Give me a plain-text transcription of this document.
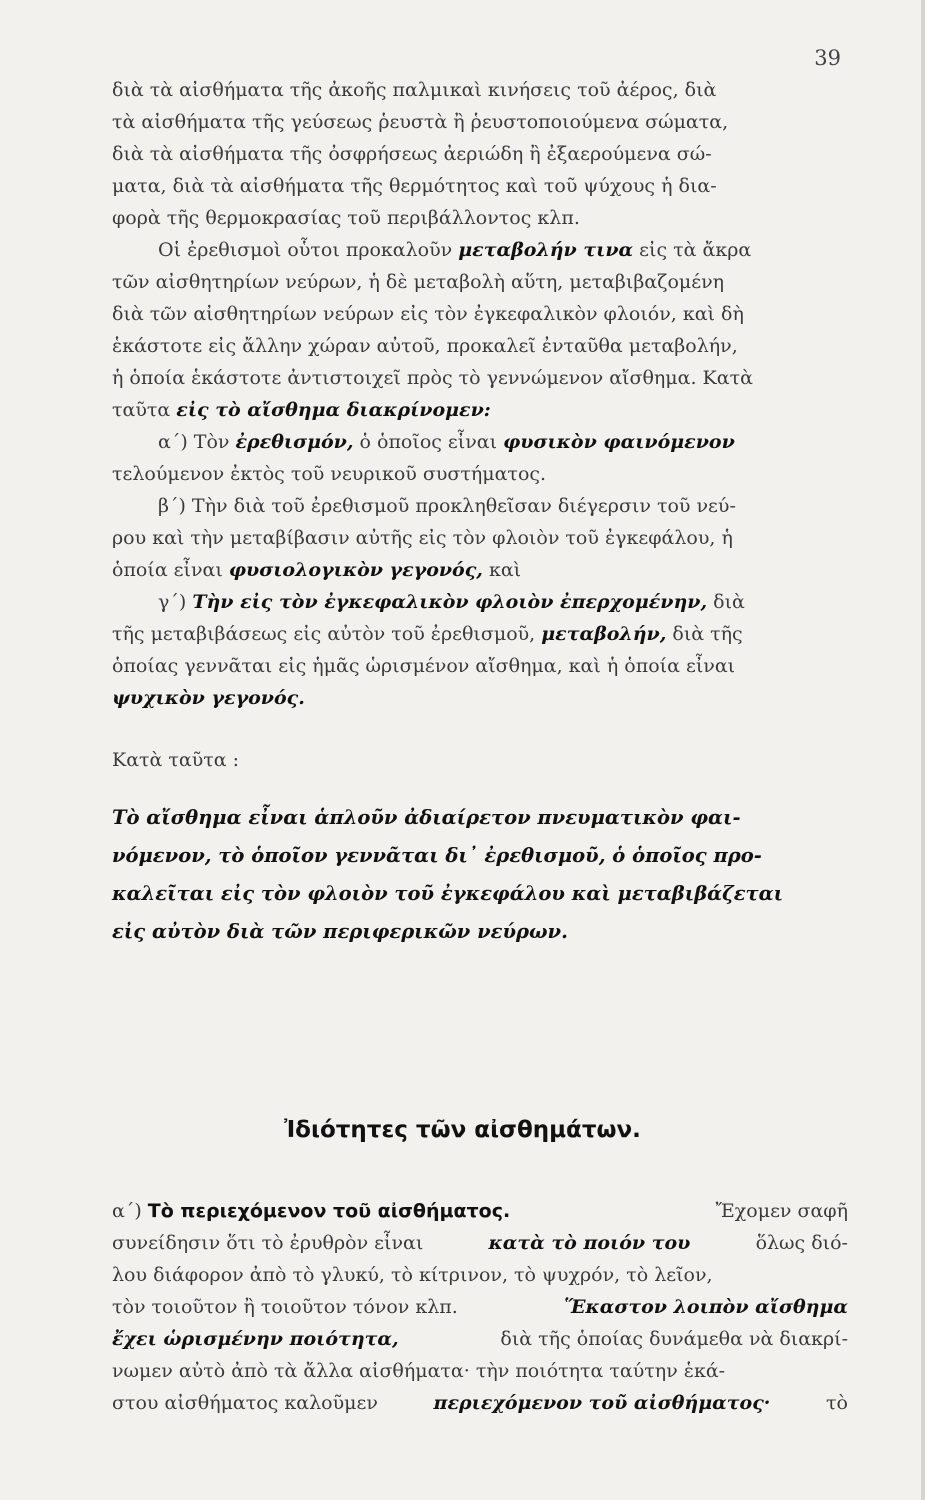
39
διὰ τὰ αἰσθήματα τῆς ἀκοῆς παλμικαὶ κινήσεις τοῦ ἀέρος, διὰ
τὰ αἰσθήματα τῆς γεύσεως ῥευστὰ ἢ ῥευστοποιούμενα σώματα,
διὰ τὰ αἰσθήματα τῆς ὀσφρήσεως ἀεριώδη ἢ ἐξαερούμενα σώ-
ματα, διὰ τὰ αἰσθήματα τῆς θερμότητος καὶ τοῦ ψύχους ἡ δια-
φορὰ τῆς θερμοκρασίας τοῦ περιβάλλοντος κλπ.
Οἱ ἐρεθισμοὶ οὗτοι προκαλοῦν μεταβολήν τινα εἰς τὰ ἄκρα
τῶν αἰσθητηρίων νεύρων, ἡ δὲ μεταβολὴ αὕτη, μεταβιβαζομένη
διὰ τῶν αἰσθητηρίων νεύρων εἰς τὸν ἐγκεφαλικὸν φλοιόν, καὶ δὴ
ἑκάστοτε εἰς ἄλλην χώραν αὐτοῦ, προκαλεῖ ἐνταῦθα μεταβολήν,
ἡ ὁποία ἑκάστοτε ἀντιστοιχεῖ πρὸς τὸ γεννώμενον αἴσθημα. Κατὰ
ταῦτα εἰς τὸ αἴσθημα διακρίνομεν:
α΄) Τὸν ἐρεθισμόν, ὁ ὁποῖος εἶναι φυσικὸν φαινόμενον
τελούμενον ἐκτὸς τοῦ νευρικοῦ συστήματος.
β΄) Τὴν διὰ τοῦ ἐρεθισμοῦ προκληθεῖσαν διέγερσιν τοῦ νεύ-
ρου καὶ τὴν μεταβίβασιν αὐτῆς εἰς τὸν φλοιὸν τοῦ ἐγκεφάλου, ἡ
ὁποία εἶναι φυσιολογικὸν γεγονός, καὶ
γ΄) Τὴν εἰς τὸν ἐγκεφαλικὸν φλοιὸν ἐπερχομένην, διὰ
τῆς μεταβιβάσεως εἰς αὐτὸν τοῦ ἐρεθισμοῦ, μεταβολήν, διὰ τῆς
ὁποίας γεννᾶται εἰς ἡμᾶς ὡρισμένον αἴσθημα, καὶ ἡ ὁποία εἶναι
ψυχικὸν γεγονός.
Κατὰ ταῦτα :
Τὸ αἴσθημα εἶναι ἁπλοῦν ἀδιαίρετον πνευματικὸν φαι-
νόμενον, τὸ ὁποῖον γεννᾶται δι᾽ ἐρεθισμοῦ, ὁ ὁποῖος προ-
καλεῖται εἰς τὸν φλοιὸν τοῦ ἐγκεφάλου καὶ μεταβιβάζεται
εἰς αὐτὸν διὰ τῶν περιφερικῶν νεύρων.
Ἰδιότητες τῶν αἰσθημάτων.
α΄) Τὸ περιεχόμενον τοῦ αἰσθήματος.	Ἔχομεν σαφῆ
συνείδησιν ὅτι τὸ ἐρυθρὸν εἶναι	κατὰ τὸ ποιόν του	ὅλως διό-
λου διάφορον ἀπὸ τὸ γλυκύ, τὸ κίτρινον, τὸ ψυχρόν, τὸ λεῖον,
τὸν τοιοῦτον ἢ τοιοῦτον τόνον κλπ.	Ἕκαστον λοιπὸν αἴσθημα
ἔχει ὡρισμένην ποιότητα,	διὰ τῆς ὁποίας δυνάμεθα νὰ διακρί-
νωμεν αὐτὸ ἀπὸ τὰ ἄλλα αἰσθήματα· τὴν ποιότητα ταύτην ἑκά-
στου αἰσθήματος καλοῦμεν	περιεχόμενον τοῦ αἰσθήματος·	τὸ
